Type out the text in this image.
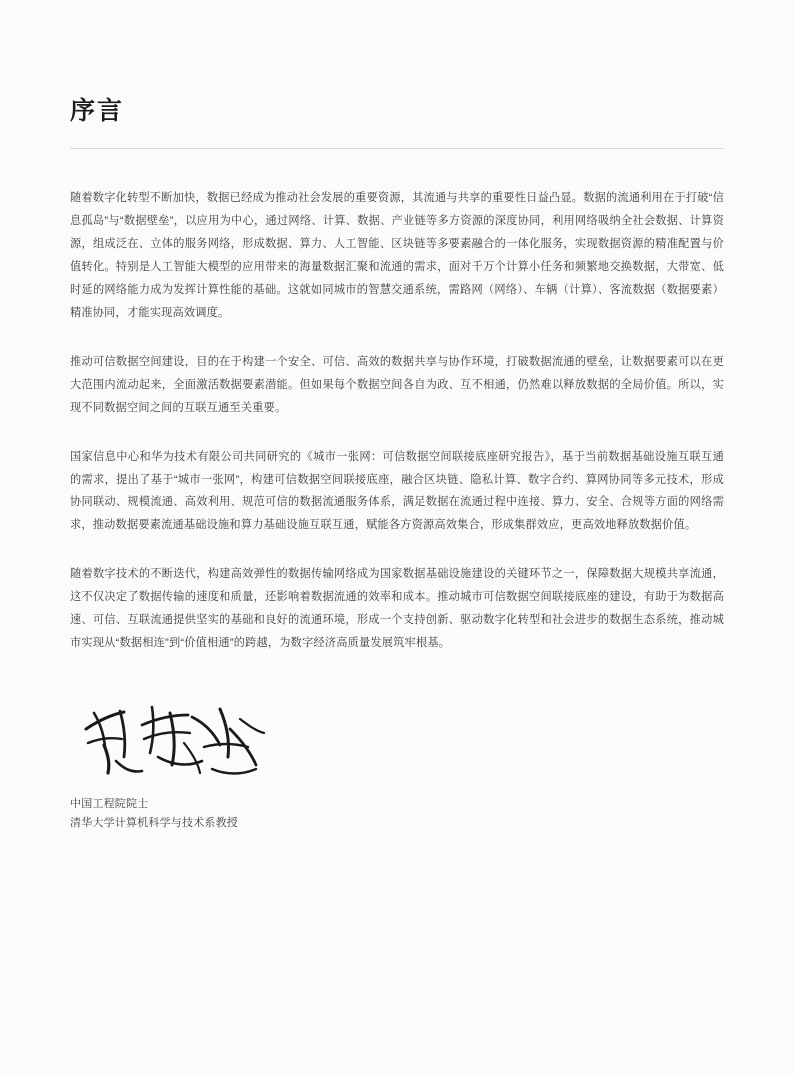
序言

随着数字化转型不断加快，数据已经成为推动社会发展的重要资源，其流通与共享的重要性日益凸显。数据的流通利用在于打破“信息孤岛”与“数据壁垒”，以应用为中心，通过网络、计算、数据、产业链等多方资源的深度协同，利用网络吸纳全社会数据、计算资源，组成泛在、立体的服务网络，形成数据、算力、人工智能、区块链等多要素融合的一体化服务，实现数据资源的精准配置与价值转化。特别是人工智能大模型的应用带来的海量数据汇聚和流通的需求，面对千万个计算小任务和频繁地交换数据，大带宽、低时延的网络能力成为发挥计算性能的基础。这就如同城市的智慧交通系统，需路网（网络）、车辆（计算）、客流数据（数据要素）精准协同，才能实现高效调度。

推动可信数据空间建设，目的在于构建一个安全、可信、高效的数据共享与协作环境，打破数据流通的壁垒，让数据要素可以在更大范围内流动起来，全面激活数据要素潜能。但如果每个数据空间各自为政、互不相通，仍然难以释放数据的全局价值。所以，实现不同数据空间之间的互联互通至关重要。

国家信息中心和华为技术有限公司共同研究的《城市一张网：可信数据空间联接底座研究报告》，基于当前数据基础设施互联互通的需求，提出了基于“城市一张网”，构建可信数据空间联接底座，融合区块链、隐私计算、数字合约、算网协同等多元技术，形成协同联动、规模流通、高效利用、规范可信的数据流通服务体系，满足数据在流通过程中连接、算力、安全、合规等方面的网络需求，推动数据要素流通基础设施和算力基础设施互联互通，赋能各方资源高效集合，形成集群效应，更高效地释放数据价值。

随着数字技术的不断迭代，构建高效弹性的数据传输网络成为国家数据基础设施建设的关键环节之一，保障数据大规模共享流通，这不仅决定了数据传输的速度和质量，还影响着数据流通的效率和成本。推动城市可信数据空间联接底座的建设，有助于为数据高速、可信、互联流通提供坚实的基础和良好的流通环境，形成一个支持创新、驱动数字化转型和社会进步的数据生态系统，推动城市实现从“数据相连”到“价值相通”的跨越，为数字经济高质量发展筑牢根基。

中国工程院院士
清华大学计算机科学与技术系教授
